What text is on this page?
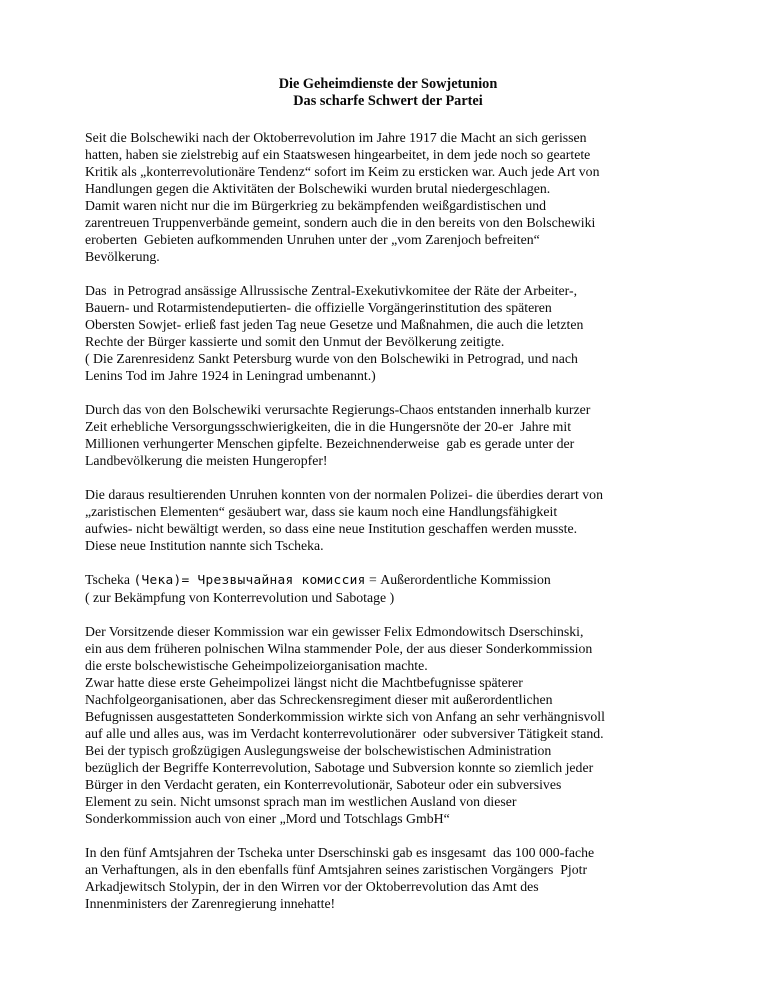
Die Geheimdienste der Sowjetunion
Das scharfe Schwert der Partei
Seit die Bolschewiki nach der Oktoberrevolution im Jahre 1917 die Macht an sich gerissen
hatten, haben sie zielstrebig auf ein Staatswesen hingearbeitet, in dem jede noch so geartete
Kritik als „konterrevolutionäre Tendenz“ sofort im Keim zu ersticken war. Auch jede Art von
Handlungen gegen die Aktivitäten der Bolschewiki wurden brutal niedergeschlagen.
Damit waren nicht nur die im Bürgerkrieg zu bekämpfenden weißgardistischen und
zarentreuen Truppenverbände gemeint, sondern auch die in den bereits von den Bolschewiki
eroberten  Gebieten aufkommenden Unruhen unter der „vom Zarenjoch befreiten“
Bevölkerung.
Das  in Petrograd ansässige Allrussische Zentral-Exekutivkomitee der Räte der Arbeiter-,
Bauern- und Rotarmistendeputierten- die offizielle Vorgängerinstitution des späteren
Obersten Sowjet- erließ fast jeden Tag neue Gesetze und Maßnahmen, die auch die letzten
Rechte der Bürger kassierte und somit den Unmut der Bevölkerung zeitigte.
( Die Zarenresidenz Sankt Petersburg wurde von den Bolschewiki in Petrograd, und nach
Lenins Tod im Jahre 1924 in Leningrad umbenannt.)
Durch das von den Bolschewiki verursachte Regierungs-Chaos entstanden innerhalb kurzer
Zeit erhebliche Versorgungsschwierigkeiten, die in die Hungersnöte der 20-er  Jahre mit
Millionen verhungerter Menschen gipfelte. Bezeichnenderweise  gab es gerade unter der
Landbevölkerung die meisten Hungeropfer!
Die daraus resultierenden Unruhen konnten von der normalen Polizei- die überdies derart von
„zaristischen Elementen“ gesäubert war, dass sie kaum noch eine Handlungsfähigkeit
aufwies- nicht bewältigt werden, so dass eine neue Institution geschaffen werden musste.
Diese neue Institution nannte sich Tscheka.
Tscheka (Чека)= Чрезвычайная комиссия = Außerordentliche Kommission
( zur Bekämpfung von Konterrevolution und Sabotage )
Der Vorsitzende dieser Kommission war ein gewisser Felix Edmondowitsch Dserschinski,
ein aus dem früheren polnischen Wilna stammender Pole, der aus dieser Sonderkommission
die erste bolschewistische Geheimpolizeiorganisation machte.
Zwar hatte diese erste Geheimpolizei längst nicht die Machtbefugnisse späterer
Nachfolgeorganisationen, aber das Schreckensregiment dieser mit außerordentlichen
Befugnissen ausgestatteten Sonderkommission wirkte sich von Anfang an sehr verhängnisvoll
auf alle und alles aus, was im Verdacht konterrevolutionärer  oder subversiver Tätigkeit stand.
Bei der typisch großzügigen Auslegungsweise der bolschewistischen Administration
bezüglich der Begriffe Konterrevolution, Sabotage und Subversion konnte so ziemlich jeder
Bürger in den Verdacht geraten, ein Konterrevolutionär, Saboteur oder ein subversives
Element zu sein. Nicht umsonst sprach man im westlichen Ausland von dieser
Sonderkommission auch von einer „Mord und Totschlags GmbH“
In den fünf Amtsjahren der Tscheka unter Dserschinski gab es insgesamt  das 100 000-fache
an Verhaftungen, als in den ebenfalls fünf Amtsjahren seines zaristischen Vorgängers  Pjotr
Arkadjewitsch Stolypin, der in den Wirren vor der Oktoberrevolution das Amt des
Innenministers der Zarenregierung innehatte!
